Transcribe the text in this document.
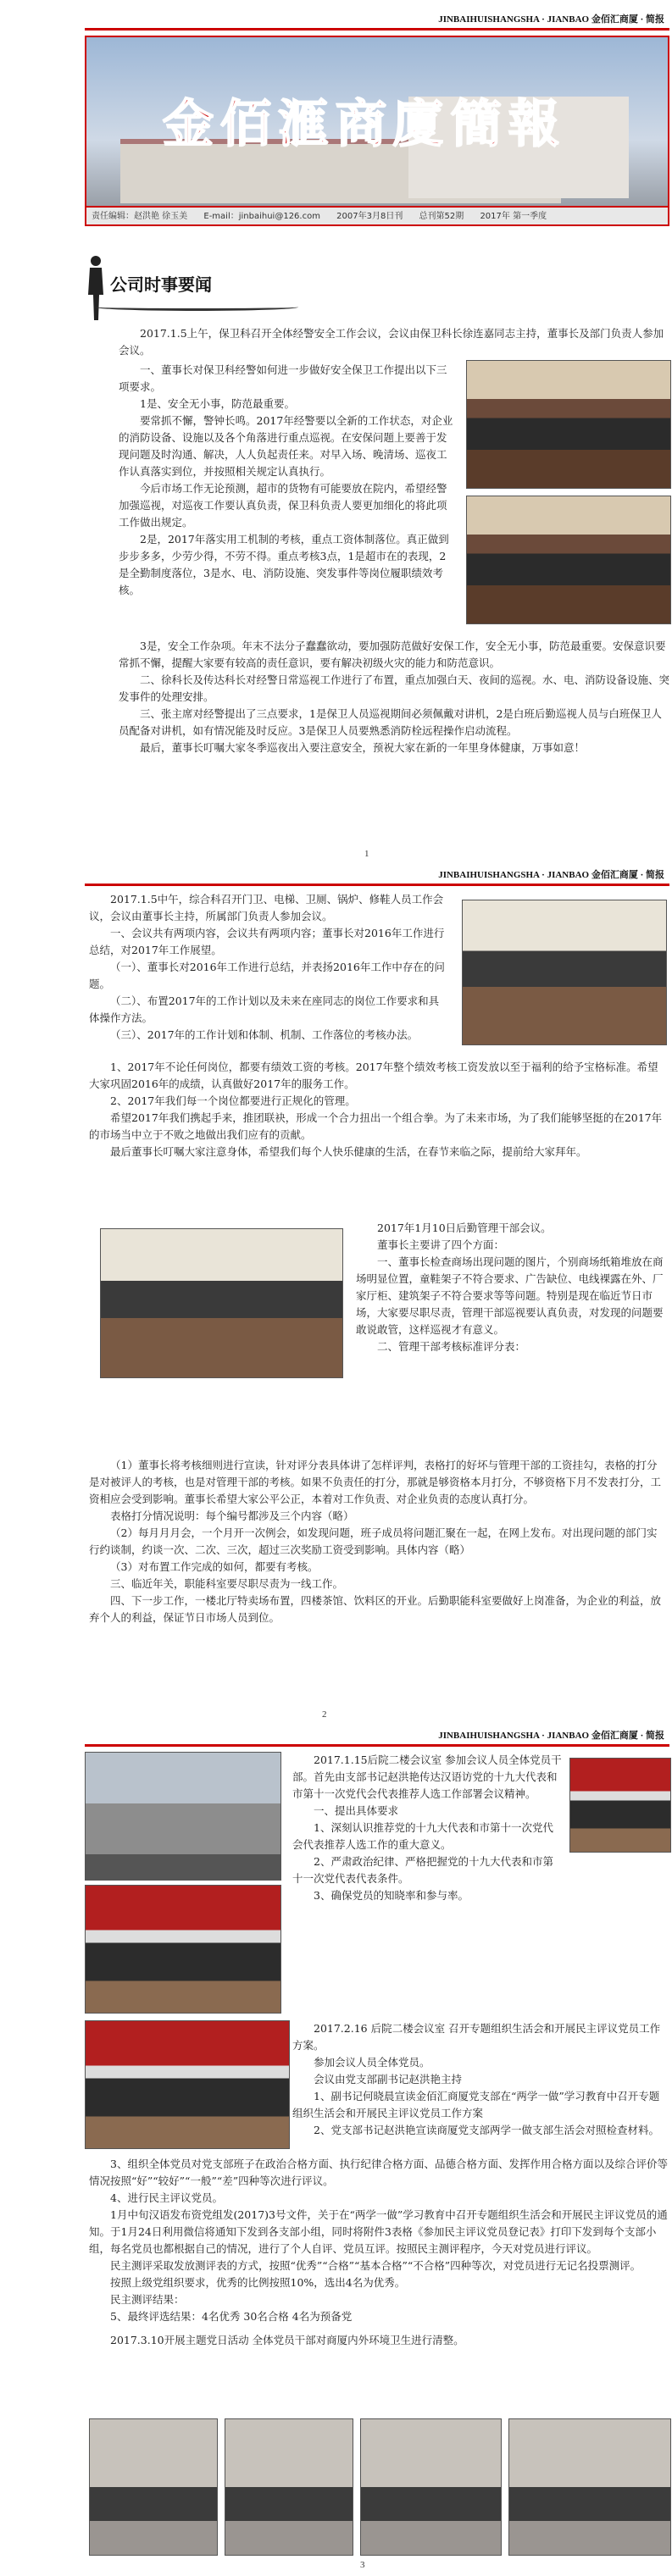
JINBAIHUISHANGSHA · JIANBAO 金佰汇商厦 · 简报
金佰滙商廈簡報
责任编辑：赵洪艳 徐玉美 E-mail：jinbaihui@126.com 2007年3月8日刊 总刊第52期 2017年 第一季度
公司时事要闻

2017.1.5上午，保卫科召开全体经警安全工作会议，会议由保卫科长徐连嘉同志主持，董事长及部门负责人参加会议。

一、董事长对保卫科经警如何进一步做好安全保卫工作提出以下三项要求。

1是、安全无小事，防范最重要。

要常抓不懈，警钟长鸣。2017年经警要以全新的工作状态，对企业的消防设备、设施以及各个角落进行重点巡视。在安保问题上要善于发现问题及时沟通、解决，人人负起责任来。对早入场、晚清场、巡夜工作认真落实到位，并按照相关规定认真执行。

今后市场工作无论预测，超市的货物有可能要放在院内，希望经警加强巡视，对巡夜工作要认真负责，保卫科负责人要更加细化的将此项工作做出规定。

2是，2017年落实用工机制的考核，重点工资体制落位。真正做到步步多多，少劳少得，不劳不得。重点考核3点，1是超市在的表现，2是全勤制度落位，3是水、电、消防设施、突发事件等岗位履职绩效考核。

3是，安全工作杂项。年末不法分子蠢蠢欲动，要加强防范做好安保工作，安全无小事，防范最重要。安保意识要常抓不懈，提醒大家要有较高的责任意识，要有解决初级火灾的能力和防范意识。

二、徐科长及传达科长对经警日常巡视工作进行了布置，重点加强白天、夜间的巡视。水、电、消防设备设施、突发事件的处理安排。

三、张主席对经警提出了三点要求，1是保卫人员巡视期间必须佩戴对讲机，2是白班后勤巡视人员与白班保卫人员配备对讲机，如有情况能及时反应。3是保卫人员要熟悉消防栓远程操作启动流程。

最后，董事长叮嘱大家冬季巡夜出入要注意安全，预祝大家在新的一年里身体健康，万事如意！

1
JINBAIHUISHANGSHA · JIANBAO 金佰汇商厦 · 简报

2017.1.5中午，综合科召开门卫、电梯、卫厕、锅炉、修鞋人员工作会议，会议由董事长主持，所属部门负责人参加会议。

一、会议共有两项内容，会议共有两项内容；董事长对2016年工作进行总结，对2017年工作展望。

（一）、董事长对2016年工作进行总结，并表扬2016年工作中存在的问题。

（二）、布置2017年的工作计划以及未来在座同志的岗位工作要求和具体操作方法。

（三）、2017年的工作计划和体制、机制、工作落位的考核办法。

1、2017年不论任何岗位，都要有绩效工资的考核。2017年整个绩效考核工资发放以至于福利的给予宝格标准。希望大家巩固2016年的成绩，认真做好2017年的服务工作。

2、2017年我们每一个岗位都要进行正规化的管理。

希望2017年我们携起手来，推团联袂，形成一个合力扭出一个组合拳。为了未来市场，为了我们能够坚挺的在2017年的市场当中立于不败之地做出我们应有的贡献。

最后董事长叮嘱大家注意身体，希望我们每个人快乐健康的生活，在春节来临之际，提前给大家拜年。

2017年1月10日后勤管理干部会议。

董事长主要讲了四个方面：

一、董事长检查商场出现问题的图片，个别商场纸箱堆放在商场明显位置，童鞋架子不符合要求、广告缺位、电线裸露在外、厂家厅柜、建筑架子不符合要求等等问题。特别是现在临近节日市场，大家要尽职尽责，管理干部巡视要认真负责，对发现的问题要敢说敢管，这样巡视才有意义。

二、管理干部考核标准评分表：

（1）董事长将考核细则进行宣读，针对评分表具体讲了怎样评判，表格打的好坏与管理干部的工资挂勾，表格的打分是对被评人的考核，也是对管理干部的考核。如果不负责任的打分，那就是够资格本月打分，不够资格下月不发表打分，工资相应会受到影响。董事长希望大家公平公正，本着对工作负责、对企业负责的态度认真打分。

表格打分情况说明：每个编号都涉及三个内容（略）

（2）每月月月会，一个月开一次例会，如发现问题，班子成员将问题汇聚在一起，在网上发布。对出现问题的部门实行约谈制，约谈一次、二次、三次，超过三次奖励工资受到影响。具体内容（略）

（3）对布置工作完成的如何，都要有考核。

三、临近年关，职能科室要尽职尽责为一线工作。

四、下一步工作，一楼北厅特卖场布置，四楼茶馆、饮料区的开业。后勤职能科室要做好上岗准备，为企业的利益，放弃个人的利益，保证节日市场人员到位。

2
JINBAIHUISHANGSHA · JIANBAO 金佰汇商厦 · 简报

2017.1.15后院二楼会议室 参加会议人员全体党员干部。首先由支部书记赵洪艳传达汉语访党的十九大代表和市第十一次党代会代表推荐人选工作部署会议精神。

一、提出具体要求

1、深刻认识推荐党的十九大代表和市第十一次党代会代表推荐人选工作的重大意义。

2、严肃政治纪律、严格把握党的十九大代表和市第十一次党代表代表条件。

3、确保党员的知晓率和参与率。

2017.2.16 后院二楼会议室 召开专题组织生活会和开展民主评议党员工作方案。

参加会议人员全体党员。

会议由党支部副书记赵洪艳主持

1、副书记何晓晨宣读金佰汇商厦党支部在“两学一做”学习教育中召开专题组织生活会和开展民主评议党员工作方案

2、党支部书记赵洪艳宣读商厦党支部两学一做支部生活会对照检查材料。

3、组织全体党员对党支部班子在政治合格方面、执行纪律合格方面、品德合格方面、发挥作用合格方面以及综合评价等情况按照“好”“较好”“一般”“差”四种等次进行评议。

4、进行民主评议党员。

1月中旬汉语发布资党组发(2017)3号文件，关于在“两学一做”学习教育中召开专题组织生活会和开展民主评议党员的通知。于1月24日利用微信将通知下发到各支部小组，同时将附件3表格《参加民主评议党员登记表》打印下发到每个支部小组，每名党员也都根据自己的情况，进行了个人自评、党员互评。按照民主测评程序，今天对党员进行评议。

民主测评采取发放测评表的方式，按照“优秀”“合格”“基本合格”“不合格”四种等次，对党员进行无记名投票测评。

按照上级党组织要求，优秀的比例按照10%，选出4名为优秀。

民主测评结果：

5、最终评选结果：4名优秀 30名合格 4名为预备党

2017.3.10开展主题党日活动 全体党员干部对商厦内外环境卫生进行清整。

3
